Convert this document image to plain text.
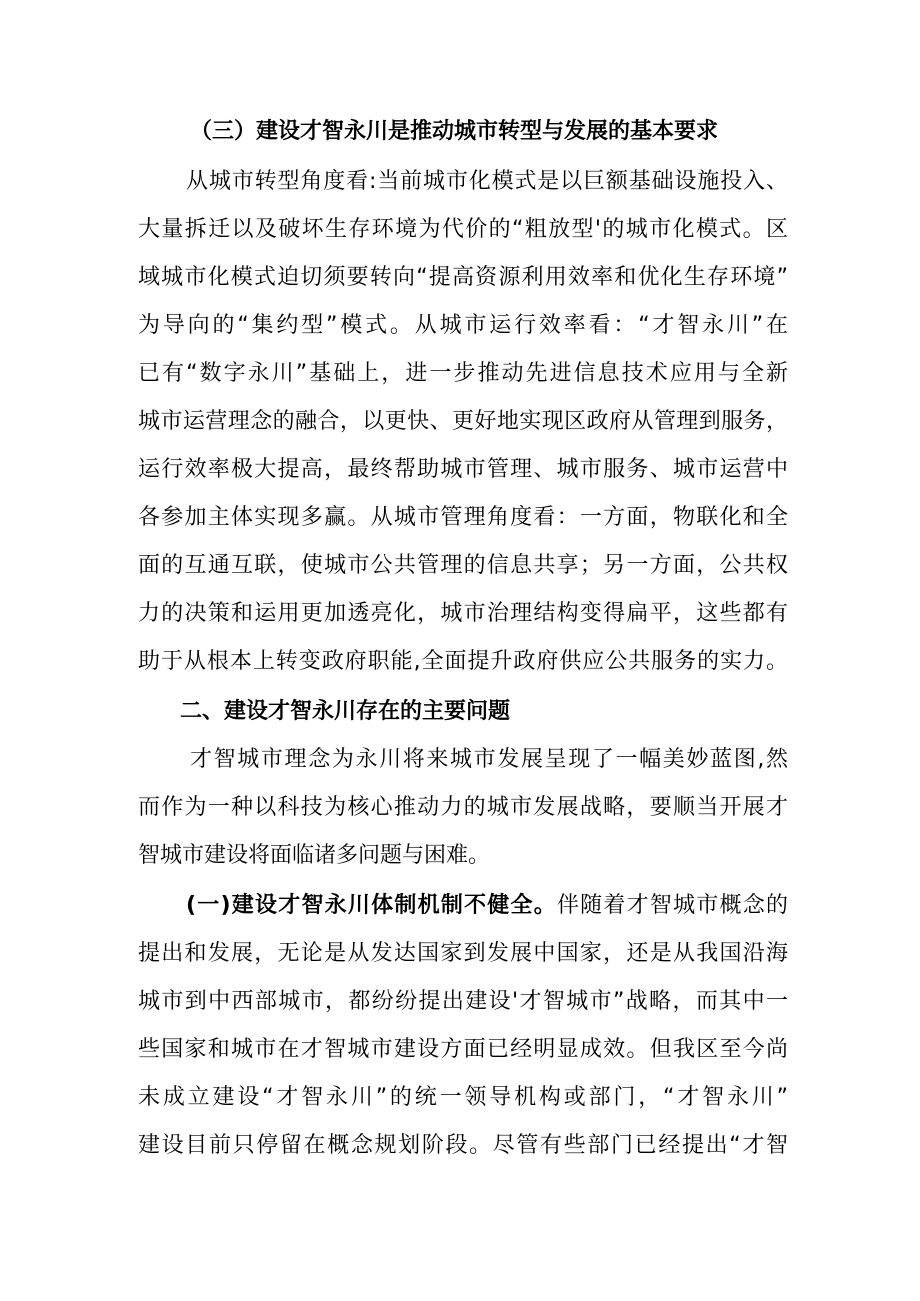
（三）建设才智永川是推动城市转型与发展的基本要求
从城市转型角度看:当前城市化模式是以巨额基础设施投入、
大量拆迁以及破坏生存环境为代价的“粗放型'的城市化模式。区
域城市化模式迫切须要转向“提高资源利用效率和优化生存环境”
为导向的“集约型”模式。从城市运行效率看：“才智永川”在
已有“数字永川”基础上，进一步推动先进信息技术应用与全新
城市运营理念的融合，以更快、更好地实现区政府从管理到服务，
运行效率极大提高，最终帮助城市管理、城市服务、城市运营中
各参加主体实现多赢。从城市管理角度看：一方面，物联化和全
面的互通互联，使城市公共管理的信息共享；另一方面，公共权
力的决策和运用更加透亮化，城市治理结构变得扁平，这些都有
助于从根本上转变政府职能,全面提升政府供应公共服务的实力。
二、建设才智永川存在的主要问题
才智城市理念为永川将来城市发展呈现了一幅美妙蓝图,然
而作为一种以科技为核心推动力的城市发展战略，要顺当开展才
智城市建设将面临诸多问题与困难。
(一)建设才智永川体制机制不健全。伴随着才智城市概念的
提出和发展，无论是从发达国家到发展中国家，还是从我国沿海
城市到中西部城市，都纷纷提出建设'才智城市”战略，而其中一
些国家和城市在才智城市建设方面已经明显成效。但我区至今尚
未成立建设“才智永川”的统一领导机构或部门，“才智永川”
建设目前只停留在概念规划阶段。尽管有些部门已经提出“才智
